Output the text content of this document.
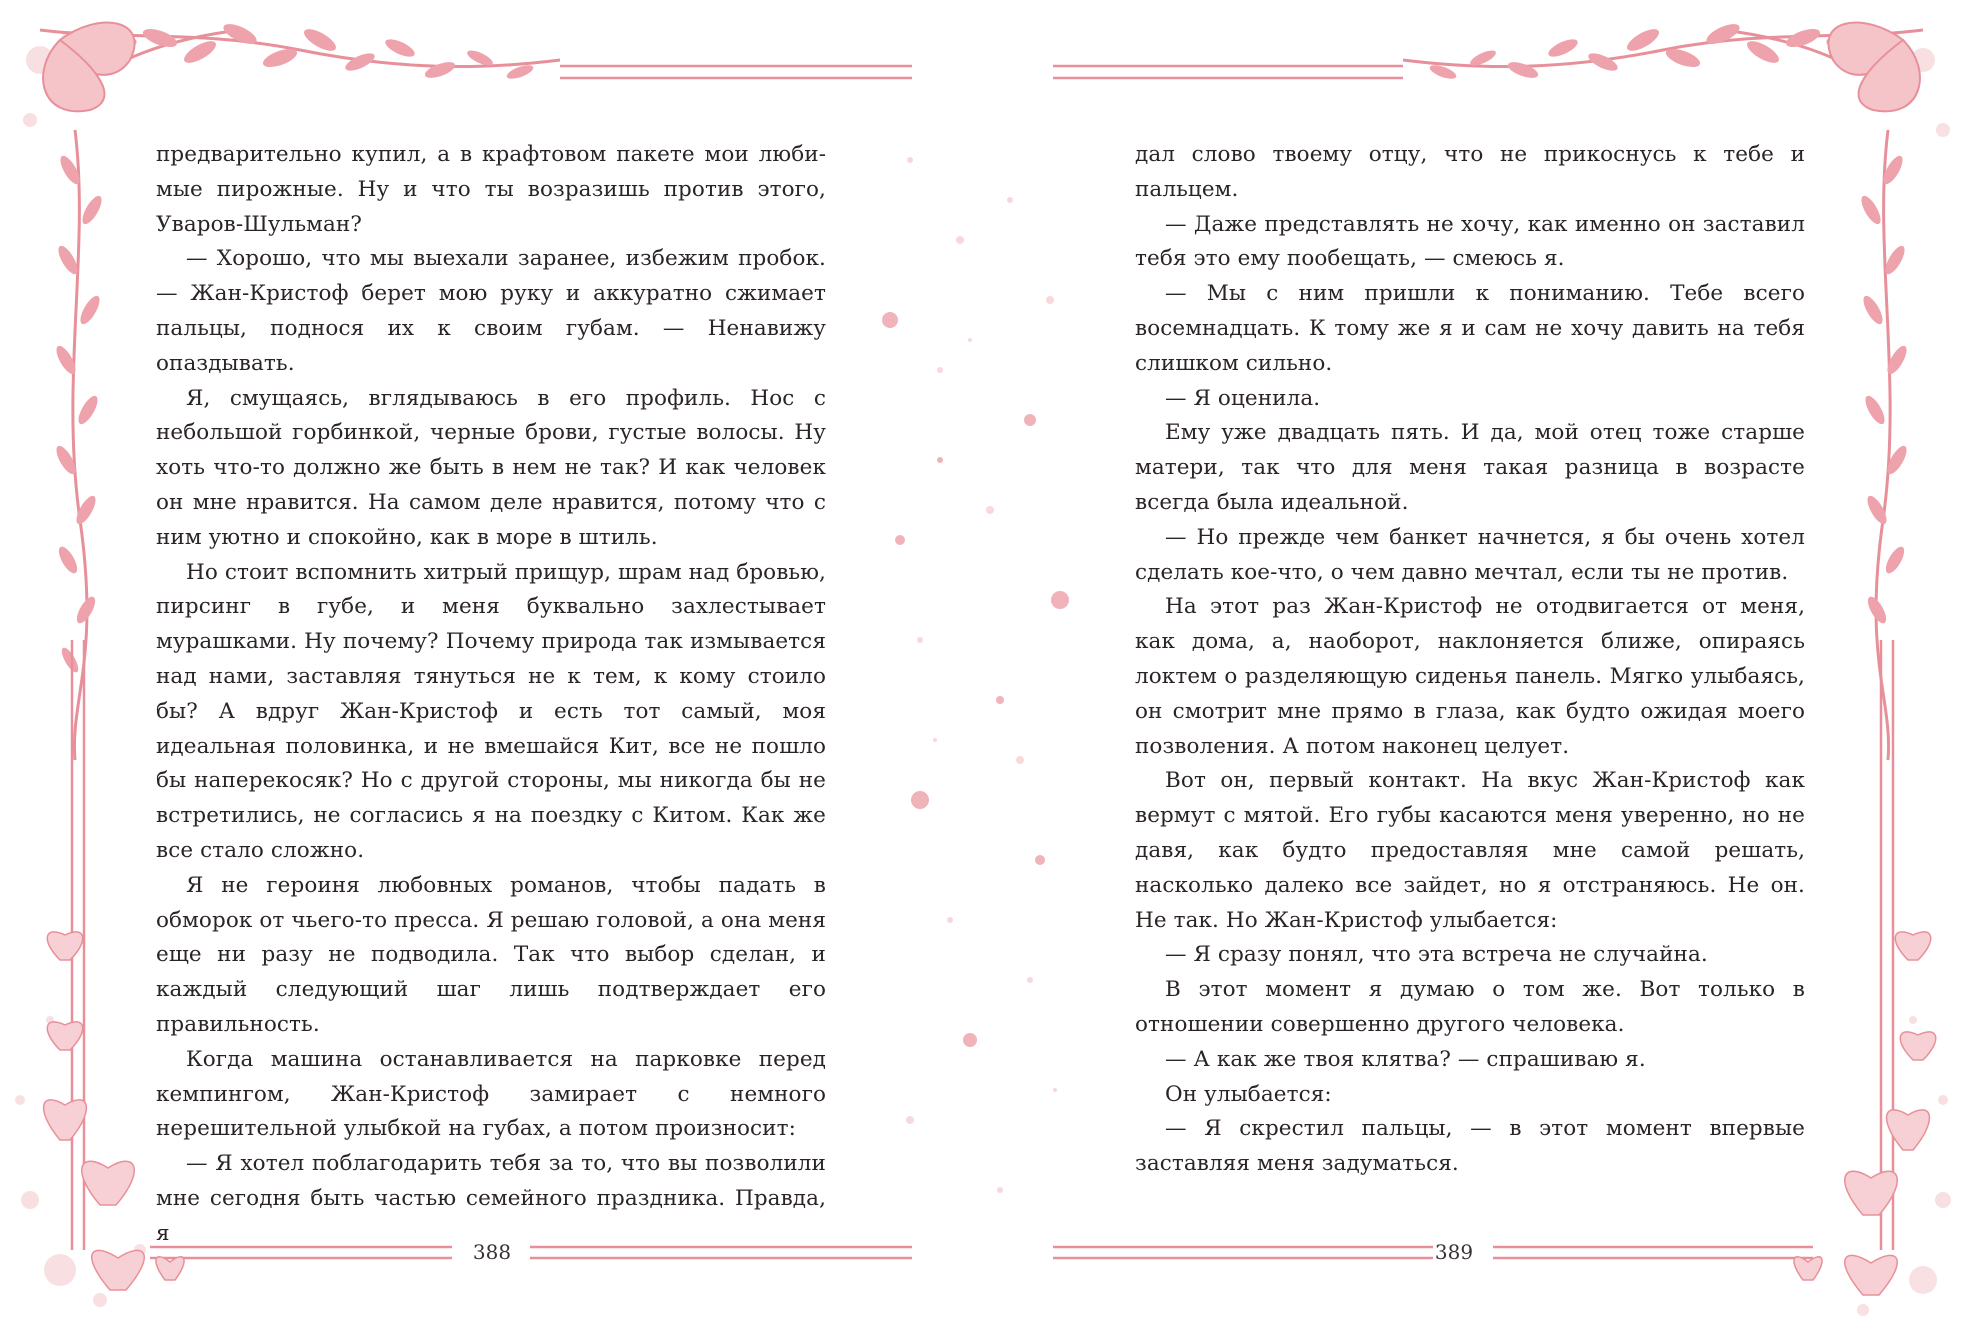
предварительно купил, а в крафтовом пакете мои любимые пирожные. Ну и что ты возразишь против этого, Уваров-Шульман?

— Хорошо, что мы выехали заранее, избежим пробок. — Жан-Кристоф берет мою руку и аккуратно сжимает пальцы, поднося их к своим губам. — Ненавижу опаздывать.

Я, смущаясь, вглядываюсь в его профиль. Нос с небольшой горбинкой, черные брови, густые волосы. Ну хоть что-то должно же быть в нем не так? И как человек он мне нравится. На самом деле нравится, потому что с ним уютно и спокойно, как в море в штиль.

Но стоит вспомнить хитрый прищур, шрам над бровью, пирсинг в губе, и меня буквально захлестывает мурашками. Ну почему? Почему природа так измывается над нами, заставляя тянуться не к тем, к кому стоило бы? А вдруг Жан-Кристоф и есть тот самый, моя идеальная половинка, и не вмешайся Кит, все не пошло бы наперекосяк? Но с другой стороны, мы никогда бы не встретились, не согласись я на поездку с Китом. Как же все стало сложно.

Я не героиня любовных романов, чтобы падать в обморок от чьего-то пресса. Я решаю головой, а она меня еще ни разу не подводила. Так что выбор сделан, и каждый следующий шаг лишь подтверждает его правильность.

Когда машина останавливается на парковке перед кемпингом, Жан-Кристоф замирает с немного нерешительной улыбкой на губах, а потом произносит:

— Я хотел поблагодарить тебя за то, что вы позволили мне сегодня быть частью семейного праздника. Правда, я

388

дал слово твоему отцу, что не прикоснусь к тебе и пальцем.

— Даже представлять не хочу, как именно он заставил тебя это ему пообещать, — смеюсь я.

— Мы с ним пришли к пониманию. Тебе всего восемнадцать. К тому же я и сам не хочу давить на тебя слишком сильно.

— Я оценила.

Ему уже двадцать пять. И да, мой отец тоже старше матери, так что для меня такая разница в возрасте всегда была идеальной.

— Но прежде чем банкет начнется, я бы очень хотел сделать кое-что, о чем давно мечтал, если ты не против.

На этот раз Жан-Кристоф не отодвигается от меня, как дома, а, наоборот, наклоняется ближе, опираясь локтем о разделяющую сиденья панель. Мягко улыбаясь, он смотрит мне прямо в глаза, как будто ожидая моего позволения. А потом наконец целует.

Вот он, первый контакт. На вкус Жан-Кристоф как вермут с мятой. Его губы касаются меня уверенно, но не давя, как будто предоставляя мне самой решать, насколько далеко все зайдет, но я отстраняюсь. Не он. Не так. Но Жан-Кристоф улыбается:

— Я сразу понял, что эта встреча не случайна.

В этот момент я думаю о том же. Вот только в отношении совершенно другого человека.

— А как же твоя клятва? — спрашиваю я.

Он улыбается:

— Я скрестил пальцы, — в этот момент впервые заставляя меня задуматься.

389
